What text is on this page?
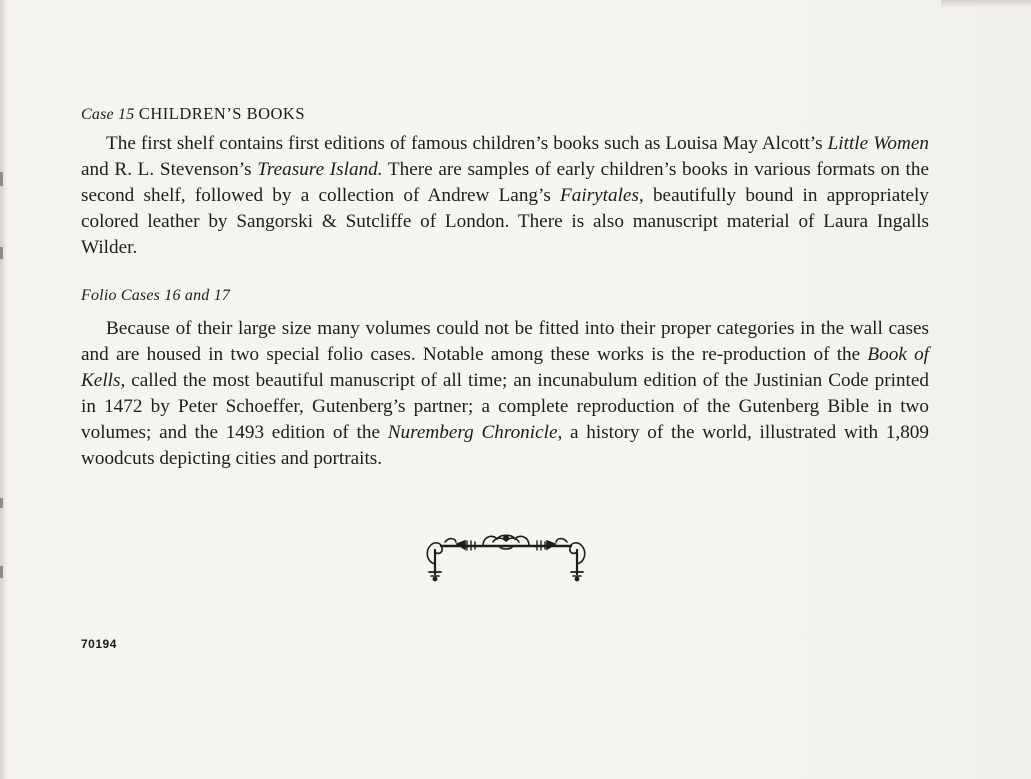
Case 15 CHILDREN’S BOOKS

The first shelf contains first editions of famous children’s books such as Louisa May Alcott’s Little Women and R. L. Stevenson’s Treasure Island. There are samples of early children’s books in various formats on the second shelf, followed by a collection of Andrew Lang’s Fairytales, beautifully bound in appropriately colored leather by Sangorski & Sutcliffe of London. There is also manuscript material of Laura Ingalls Wilder.

Folio Cases 16 and 17

Because of their large size many volumes could not be fitted into their proper categories in the wall cases and are housed in two special folio cases. Notable among these works is the re-production of the Book of Kells, called the most beautiful manuscript of all time; an incunabulum edition of the Justinian Code printed in 1472 by Peter Schoeffer, Gutenberg’s partner; a complete reproduction of the Gutenberg Bible in two volumes; and the 1493 edition of the Nuremberg Chronicle, a history of the world, illustrated with 1,809 woodcuts depicting cities and portraits.

70194
